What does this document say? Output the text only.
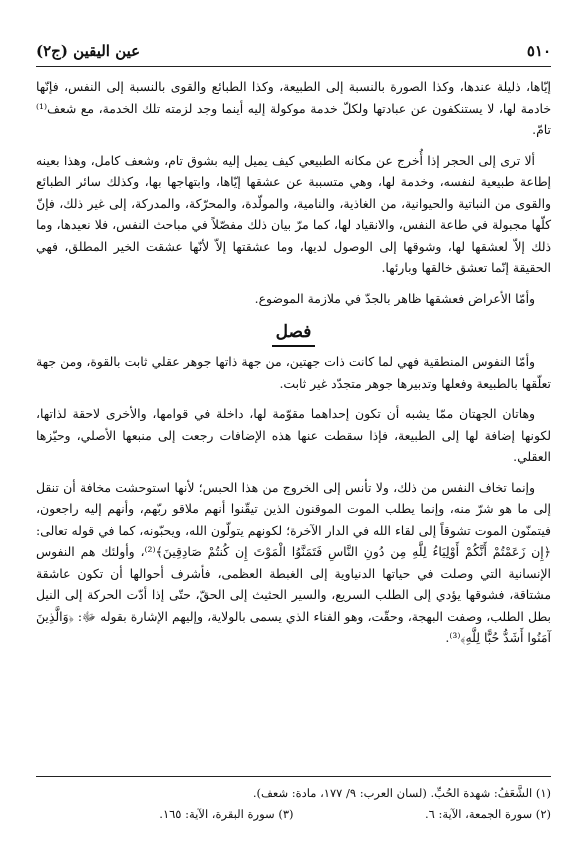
٥١٠
عين اليقين (ج٢)

إيّاها، ذليلة عندها، وكذا الصورة بالنسبة إلى الطبيعة، وكذا الطبائع والقوى بالنسبة إلى النفس، فإنّها خادمة لها، لا يستنكفون عن عبادتها ولكلّ خدمة موكولة إليه أينما وجد لزمته تلك الخدمة، مع شعف⁽¹⁾ تامّ.

ألا ترى إلى الحجر إذا أُخرج عن مكانه الطبيعي كيف يميل إليه بشوق تام، وشعف كامل، وهذا بعينه إطاعة طبيعية لنفسه، وخدمة لها، وهي متسببة عن عشقها إيّاها، وابتهاجها بها، وكذلك سائر الطبائع والقوى من النباتية والحيوانية، من الغاذية، والنامية، والمولّدة، والمحرّكة، والمدركة، إلى غير ذلك، فإنّ كلّها مجبولة في طاعة النفس، والانقياد لها، كما مرّ بيان ذلك مفصّلاً في مباحث النفس، فلا نعيدها، وما ذلك إلاّ لعشقها لها، وشوقها إلى الوصول لديها، وما عشقتها إلاّ لأنّها عشقت الخير المطلق، فهي الحقيقة إنّما تعشق خالقها وبارئها.

وأمّا الأعراض فعشقها ظاهر بالجدّ في ملازمة الموضوع.

فصل

وأمّا النفوس المنطقية فهي لما كانت ذات جهتين، من جهة ذاتها جوهر عقلي ثابت بالقوة، ومن جهة تعلّقها بالطبيعة وفعلها وتدبيرها جوهر متجدّد غير ثابت.

وهاتان الجهتان ممّا يشبه أن تكون إحداهما مقوّمة لها، داخلة في قوامها، والأخرى لاحقة لذاتها، لكونها إضافة لها إلى الطبيعة، فإذا سقطت عنها هذه الإضافات رجعت إلى منبعها الأصلي، وحيّزها العقلي.

وإنما تخاف النفس من ذلك، ولا تأنس إلى الخروج من هذا الحبس؛ لأنها استوحشت مخافة أن تنقل إلى ما هو شرّ منه، وإنما يطلب الموت الموقنون الذين تيقّنوا أنهم ملاقو ربّهم، وأنهم إليه راجعون، فيتمنّون الموت تشوقاً إلى لقاء الله في الدار الآخرة؛ لكونهم يتولّون الله، ويحبّونه، كما في قوله تعالى: ﴿إِن زَعَمْتُمْ أَنَّكُمْ أَوْلِيَاءُ لِلَّهِ مِن دُونِ النَّاسِ فَتَمَنَّوُا الْمَوْتَ إِن كُنتُمْ صَادِقِينَ﴾⁽²⁾، وأولئك هم النفوس الإنسانية التي وصلت في حياتها الدنياوية إلى الغبطة العظمى، فأشرف أحوالها أن تكون عاشقة مشتاقة، فشوقها يؤدي إلى الطلب السريع، والسير الحثيث إلى الحقّ، حتّى إذا أدّت الحركة إلى النيل بطل الطلب، وصفت البهجة، وحقّت، وهو الفناء الذي يسمى بالولاية، وإليهم الإشارة بقوله ﷻ: ﴿وَالَّذِينَ آمَنُوا أَشَدُّ حُبًّا لِلَّهِ﴾⁽³⁾.

(١) الشَّعَفُ: شهدة الحُبِّ. (لسان العرب: ٩/ ١٧٧، مادة: شعف).
(٢) سورة الجمعة، الآية: ٦.
(٣) سورة البقرة، الآية: ١٦٥.
